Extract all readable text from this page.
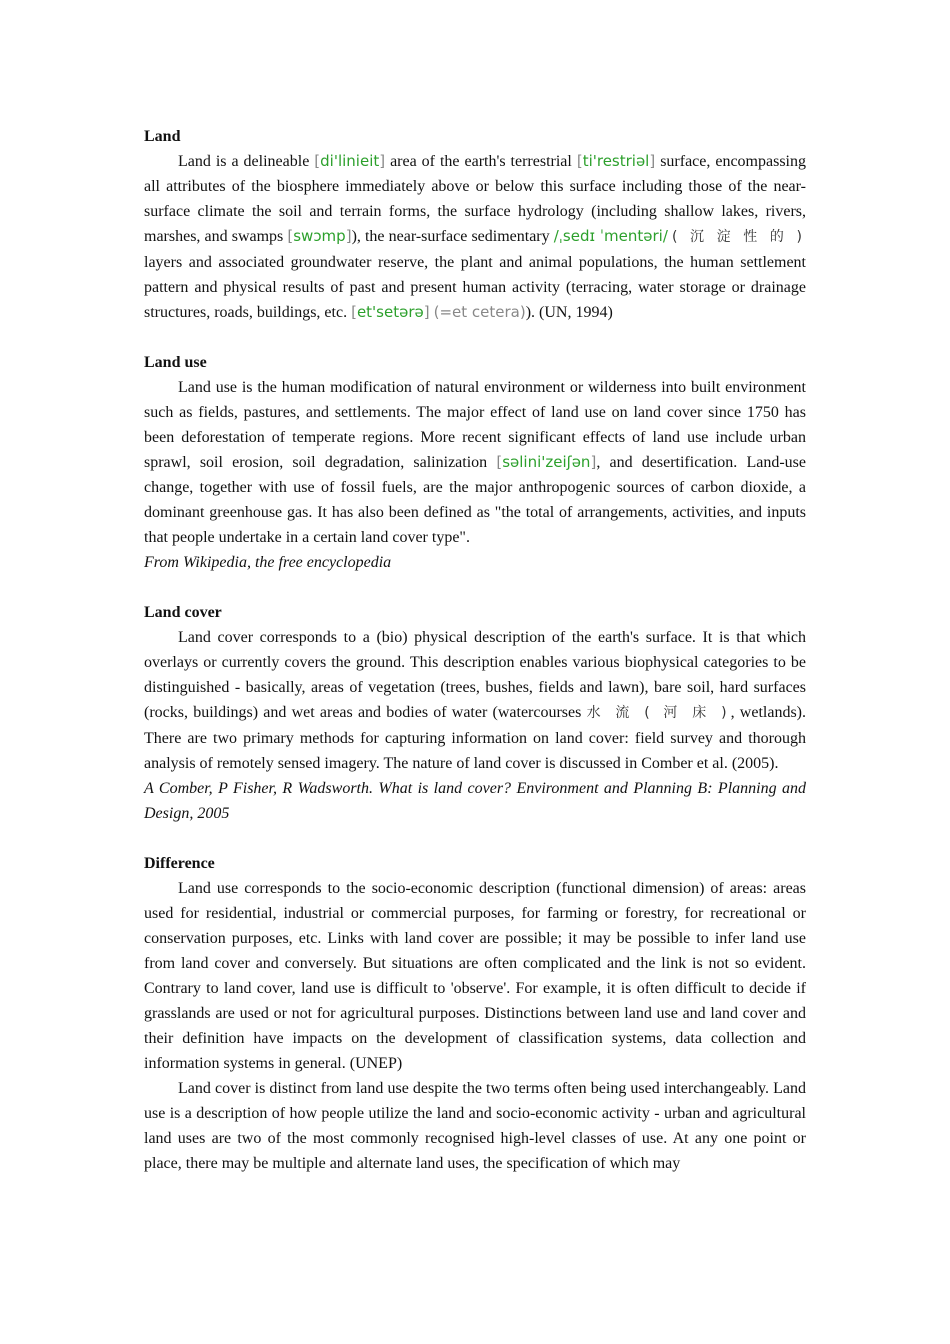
Land

Land is a delineable [di'linieit] area of the earth's terrestrial [ti'restriəl] surface, encompassing all attributes of the biosphere immediately above or below this surface including those of the near-surface climate the soil and terrain forms, the surface hydrology (including shallow lakes, rivers, marshes, and swamps [swɔmp]), the near-surface sedimentary /ˌsedɪ ˈmentəri/ ( 沉 淀 性 的 ) layers and associated groundwater reserve, the plant and animal populations, the human settlement pattern and physical results of past and present human activity (terracing, water storage or drainage structures, roads, buildings, etc. [et'setərə] (=et cetera)). (UN, 1994)

Land use

Land use is the human modification of natural environment or wilderness into built environment such as fields, pastures, and settlements. The major effect of land use on land cover since 1750 has been deforestation of temperate regions. More recent significant effects of land use include urban sprawl, soil erosion, soil degradation, salinization [səlini'zeiʃən], and desertification. Land-use change, together with use of fossil fuels, are the major anthropogenic sources of carbon dioxide, a dominant greenhouse gas. It has also been defined as "the total of arrangements, activities, and inputs that people undertake in a certain land cover type".

From Wikipedia, the free encyclopedia

Land cover

Land cover corresponds to a (bio) physical description of the earth's surface. It is that which overlays or currently covers the ground. This description enables various biophysical categories to be distinguished - basically, areas of vegetation (trees, bushes, fields and lawn), bare soil, hard surfaces (rocks, buildings) and wet areas and bodies of water (watercourses 水 流 ( 河 床 ), wetlands). There are two primary methods for capturing information on land cover: field survey and thorough analysis of remotely sensed imagery. The nature of land cover is discussed in Comber et al. (2005).

A Comber, P Fisher, R Wadsworth. What is land cover? Environment and Planning B: Planning and Design, 2005

Difference

Land use corresponds to the socio-economic description (functional dimension) of areas: areas used for residential, industrial or commercial purposes, for farming or forestry, for recreational or conservation purposes, etc. Links with land cover are possible; it may be possible to infer land use from land cover and conversely. But situations are often complicated and the link is not so evident. Contrary to land cover, land use is difficult to 'observe'. For example, it is often difficult to decide if grasslands are used or not for agricultural purposes. Distinctions between land use and land cover and their definition have impacts on the development of classification systems, data collection and information systems in general. (UNEP)

Land cover is distinct from land use despite the two terms often being used interchangeably. Land use is a description of how people utilize the land and socio-economic activity - urban and agricultural land uses are two of the most commonly recognised high-level classes of use. At any one point or place, there may be multiple and alternate land uses, the specification of which may
